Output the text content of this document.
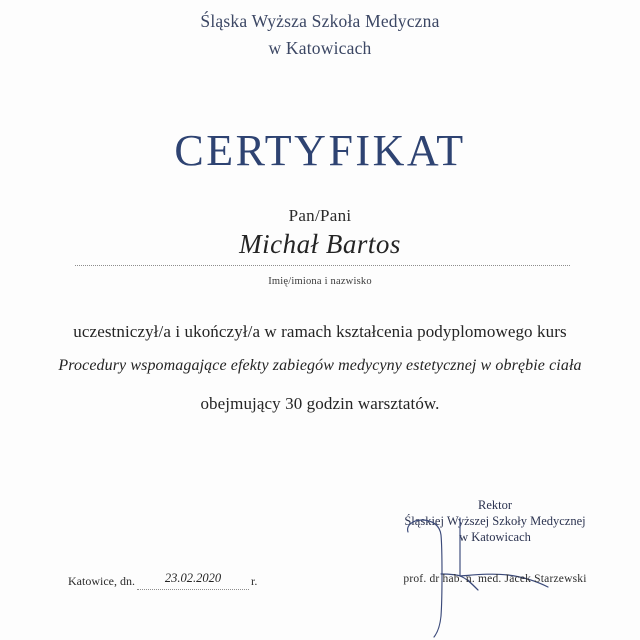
Śląska Wyższa Szkoła Medyczna
w Katowicach
CERTYFIKAT
Pan/Pani
Michał Bartos
Imię/imiona i nazwisko
uczestniczył/a i ukończył/a w ramach kształcenia podyplomowego kurs
Procedury wspomagające efekty zabiegów medycyny estetycznej w obrębie ciała
obejmujący 30 godzin warsztatów.
Rektor
Śląskiej Wyższej Szkoły Medycznej
w Katowicach
prof. dr hab. n. med. Jacek Starzewski
Katowice, dn.	23.02.2020	r.
